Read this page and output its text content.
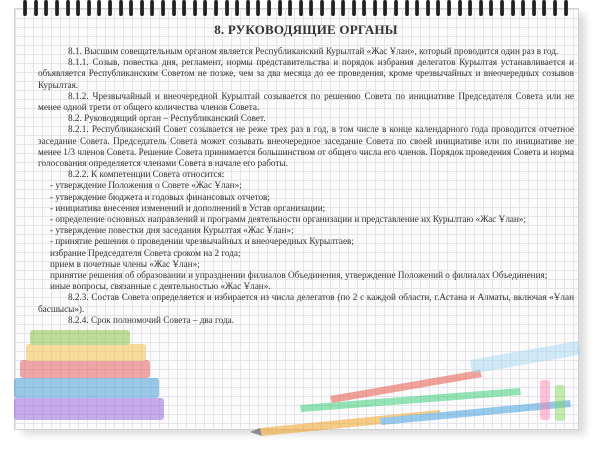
8. РУКОВОДЯЩИЕ ОРГАНЫ

8.1. Высшим совещательным органом является Республиканский Курылтай «Жас Ұлан», который проводится один раз в год.

8.1.1. Созыв, повестка дня, регламент, нормы представительства и порядок избрания делегатов Курылтая устанавливается и объявляется Республиканским Советом не позже, чем за два месяца до ее проведения, кроме чрезвычайных и внеочередных созывов Курылтая.

8.1.2. Чрезвычайный и внеочередной Курылтай созывается по решению Совета по инициативе Председателя Совета или не менее одной трети от общего количества членов Совета.

8.2. Руководящий орган – Республиканский Совет.

8.2.1. Республиканский Совет созывается не реже трех раз в год, в том числе в конце календарного года проводится отчетное заседание Совета. Председатель Совета может созывать внеочередное заседание Совета по своей инициативе или по инициативе не менее 1/3 членов Совета. Решение Совета принимается большинством от общего числа его членов. Порядок проведения Совета и норма голосования определяется членами Совета в начале его работы.

8.2.2. К компетенции Совета относится:

- утверждение Положения о Совете «Жас Ұлан»;

- утверждение бюджета и годовых финансовых отчетов;

- инициатива внесения изменений и дополнений в Устав организации;

- определение основных направлений и программ деятельности организации и представление их Курылтаю «Жас Ұлан»;

- утверждение повестки дня заседания Курылтая «Жас Ұлан»;

- принятие решения о проведении чрезвычайных и внеочередных Курылтаев;

избрание Председателя Совета сроком на 2 года;

прием в почетные члены «Жас Ұлан»;

принятие решения об образовании и упразднении филиалов Объединения, утверждение Положений о филиалах Объединения;

иные вопросы, связанные с деятельностью «Жас Ұлан».

8.2.3. Состав Совета определяется и избирается из числа делегатов (по 2 с каждой области, г.Астана и Алматы, включая «Ұлан басшысы»).

8.2.4. Срок полномочий Совета – два года.
